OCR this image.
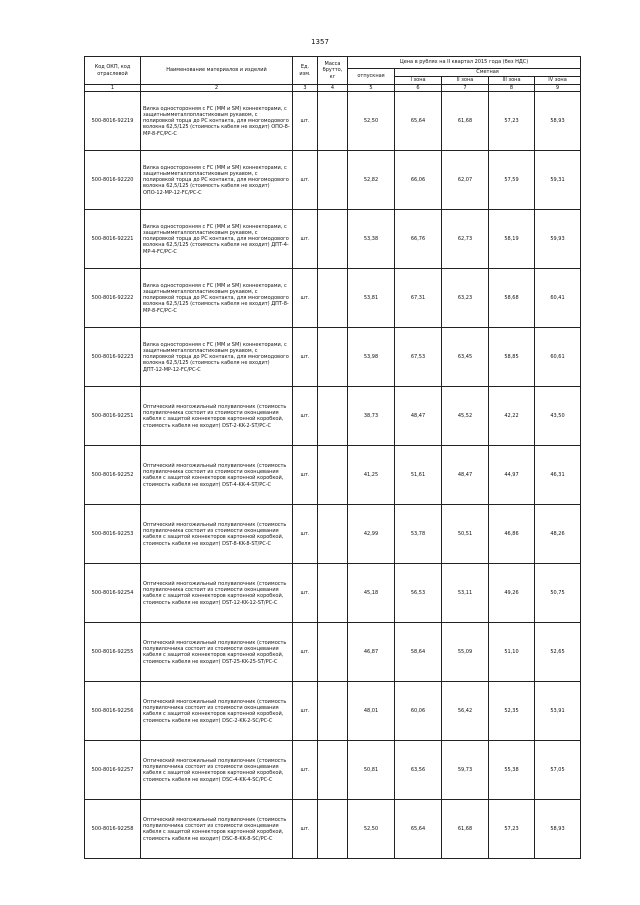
1357
Код ОКП, код отраслевой	Наименование материалов и изделий	Ед. изм.	Масса брутто, кг	Цена в рублях на II квартал 2015 года (без НДС)				
				отпускная	Сметная			
					I зона	II зона	III зона	IV зона
1	2	3	4	5	6	7	8	9
500-8016-92219	Вилка односторонняя с FC (ММ и SM) коннекторами, с защитнымметаллопластиковым рукавом, с полировкой торца до PC контакта, для многомодового волокна 62,5/125 (стоимость кабеля не входит) ОПО-8-MP-8-FC/PC-C	шт.		52,50	65,64	61,68	57,23	58,93
500-8016-92220	Вилка односторонняя с FC (ММ и SM) коннекторами, с защитнымметаллопластиковым рукавом, с полировкой торца до PC контакта, для многомодового волокна 62,5/125 (стоимость кабеля не входит) ОПО-12-MP-12-FC/PC-C	шт.		52,82	66,06	62,07	57,59	59,31
500-8016-92221	Вилка односторонняя с FC (ММ и SM) коннекторами, с защитнымметаллопластиковым рукавом, с полировкой торца до PC контакта, для многомодового волокна 62,5/125 (стоимость кабеля не входит) ДПТ-4-MP-4-FC/PC-C	шт.		53,38	66,76	62,73	58,19	59,93
500-8016-92222	Вилка односторонняя с FC (ММ и SM) коннекторами, с защитнымметаллопластиковым рукавом, с полировкой торца до PC контакта, для многомодового волокна 62,5/125 (стоимость кабеля не входит) ДПТ-8-MP-8-FC/PC-C	шт.		53,81	67,31	63,23	58,68	60,41
500-8016-92223	Вилка односторонняя с FC (ММ и SM) коннекторами, с защитнымметаллопластиковым рукавом, с полировкой торца до PC контакта, для многомодового волокна 62,5/125 (стоимость кабеля не входит) ДПТ-12-MP-12-FC/PC-C	шт.		53,98	67,53	63,45	58,85	60,61
500-8016-92251	Оптический многожильный полувилочник (стоимость полувилочника состоит из стоимости оконцевания кабеля с защитой коннекторов картонной коробкой, стоимость кабеля не входит) DST-2-KK-2-ST/PC-C	шт.		38,73	48,47	45,52	42,22	43,50
500-8016-92252	Оптический многожильный полувилочник (стоимость полувилочника состоит из стоимости оконцевания кабеля с защитой коннекторов картонной коробкой, стоимость кабеля не входит) DST-4-KK-4-ST/PC-C	шт.		41,25	51,61	48,47	44,97	46,31
500-8016-92253	Оптический многожильный полувилочник (стоимость полувилочника состоит из стоимости оконцевания кабеля с защитой коннекторов картонной коробкой, стоимость кабеля не входит) DST-8-KK-8-ST/PC-C	шт.		42,99	53,78	50,51	46,86	48,26
500-8016-92254	Оптический многожильный полувилочник (стоимость полувилочника состоит из стоимости оконцевания кабеля с защитой коннекторов картонной коробкой, стоимость кабеля не входит) DST-12-KK-12-ST/PC-C	шт.		45,18	56,53	53,11	49,26	50,75
500-8016-92255	Оптический многожильный полувилочник (стоимость полувилочника состоит из стоимости оконцевания кабеля с защитой коннекторов картонной коробкой, стоимость кабеля не входит) DST-25-KK-25-ST/PC-C	шт.		46,87	58,64	55,09	51,10	52,65
500-8016-92256	Оптический многожильный полувилочник (стоимость полувилочника состоит из стоимости оконцевания кабеля с защитой коннекторов картонной коробкой, стоимость кабеля не входит) DSC-2-KK-2-SC/PC-C	шт.		48,01	60,06	56,42	52,35	53,91
500-8016-92257	Оптический многожильный полувилочник (стоимость полувилочника состоит из стоимости оконцевания кабеля с защитой коннекторов картонной коробкой, стоимость кабеля не входит) DSC-4-KK-4-SC/PC-C	шт.		50,81	63,56	59,73	55,38	57,05
500-8016-92258	Оптический многожильный полувилочник (стоимость полувилочника состоит из стоимости оконцевания кабеля с защитой коннекторов картонной коробкой, стоимость кабеля не входит) DSC-8-KK-8-SC/PC-C	шт.		52,50	65,64	61,68	57,23	58,93
